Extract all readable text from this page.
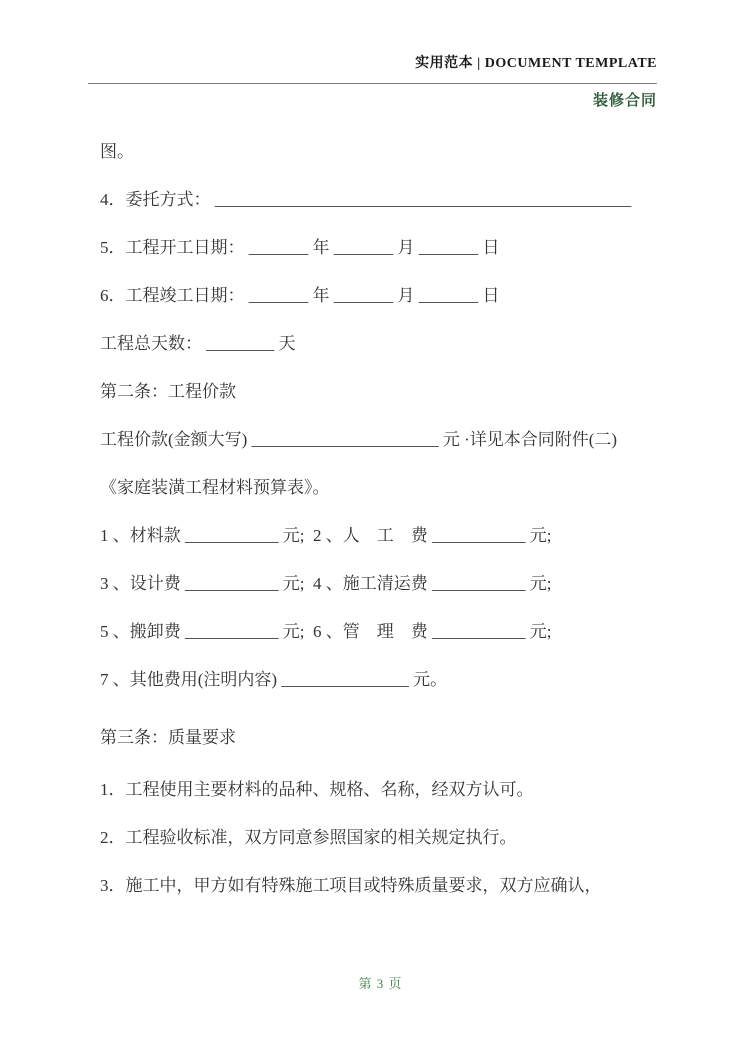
实用范本 | DOCUMENT TEMPLATE
装修合同

图。

4．委托方式： _________________________________________________

5．工程开工日期： _______ 年 _______ 月 _______ 日

6．工程竣工日期： _______ 年 _______ 月 _______ 日

工程总天数： ________ 天

第二条：工程价款

工程价款(金额大写) ______________________ 元 ·详见本合同附件(二)

《家庭装潢工程材料预算表》。

1 、材料款 ___________ 元;  2 、人　工　费 ___________ 元;

3 、设计费 ___________ 元;  4 、施工清运费 ___________ 元;

5 、搬卸费 ___________ 元;  6 、管　理　费 ___________ 元;

7 、其他费用(注明内容) _______________ 元。

第三条：质量要求

1．工程使用主要材料的品种、规格、名称，经双方认可。

2．工程验收标准，双方同意参照国家的相关规定执行。

3．施工中，甲方如有特殊施工项目或特殊质量要求，双方应确认，

第 3 页
